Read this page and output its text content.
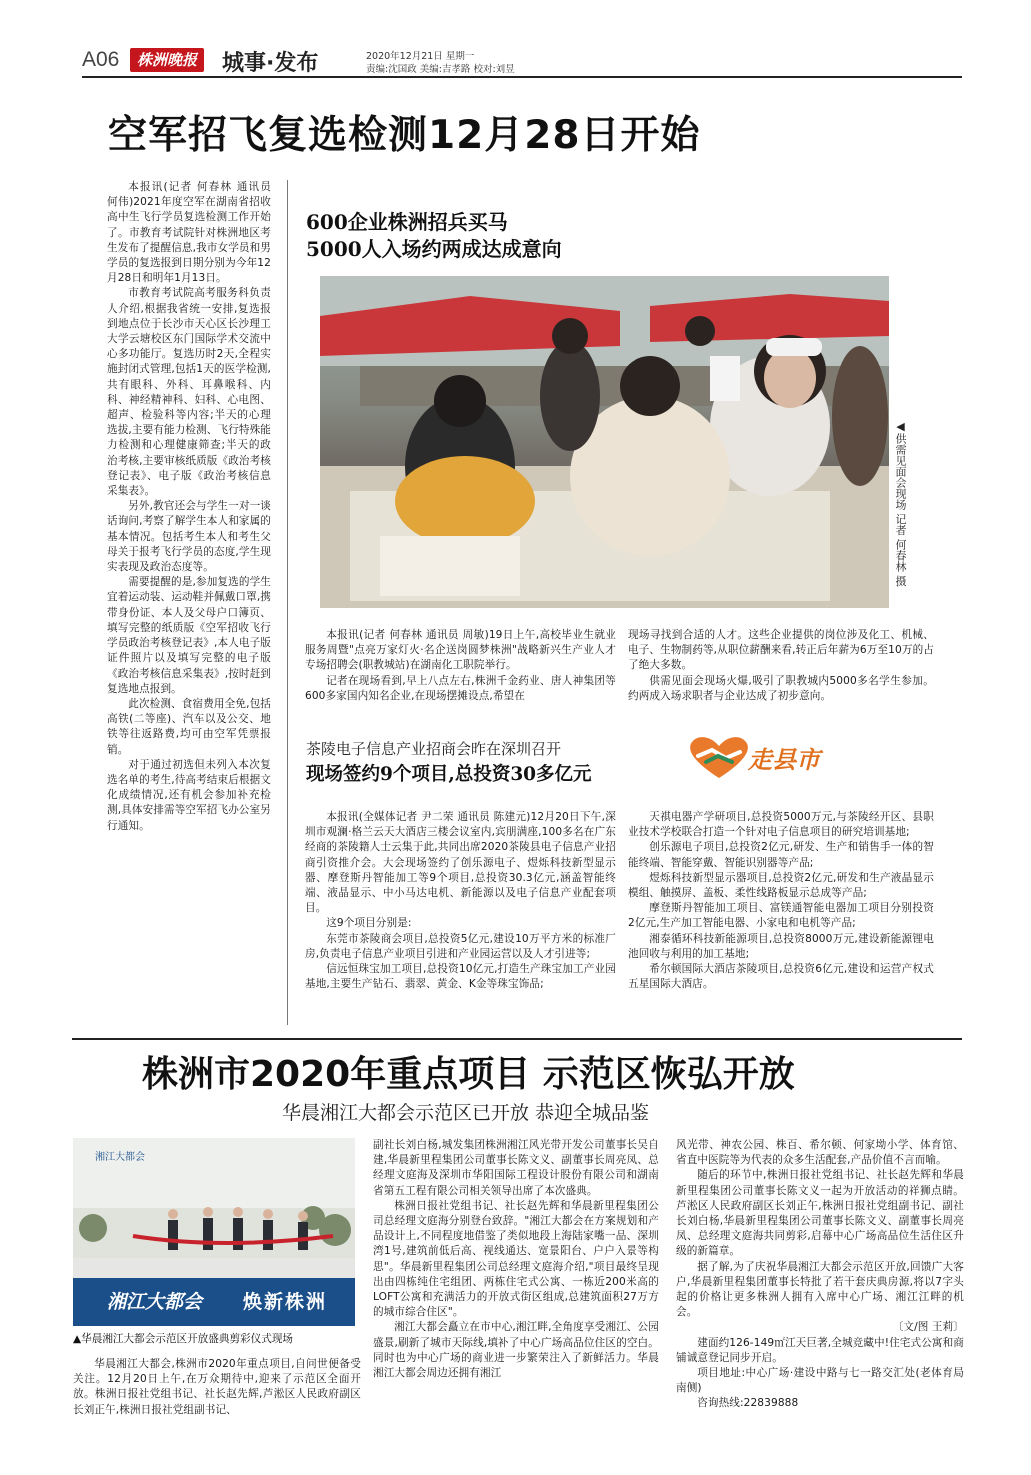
A06	株洲晚报	城事·发布	2020年12月21日 星期一
责编:沈国政 美编:吉孝路 校对:刘昱
空军招飞复选检测12月28日开始

本报讯(记者 何春林 通讯员 何伟)2021年度空军在湖南省招收高中生飞行学员复选检测工作开始了。市教育考试院针对株洲地区考生发布了提醒信息,我市女学员和男学员的复选报到日期分别为今年12月28日和明年1月13日。

市教育考试院高考服务科负责人介绍,根据我省统一安排,复选报到地点位于长沙市天心区长沙理工大学云塘校区东门国际学术交流中心多功能厅。复选历时2天,全程实施封闭式管理,包括1天的医学检测,共有眼科、外科、耳鼻喉科、内科、神经精神科、妇科、心电图、超声、检验科等内容;半天的心理选拔,主要有能力检测、飞行特殊能力检测和心理健康筛查;半天的政治考核,主要审核纸质版《政治考核登记表》、电子版《政治考核信息采集表》。

另外,教官还会与学生一对一谈话询问,考察了解学生本人和家属的基本情况。包括考生本人和考生父母关于报考飞行学员的态度,学生现实表现及政治态度等。

需要提醒的是,参加复选的学生宜着运动装、运动鞋并佩戴口罩,携带身份证、本人及父母户口簿页、填写完整的纸质版《空军招收飞行学员政治考核登记表》,本人电子版证件照片以及填写完整的电子版《政治考核信息采集表》,按时赶到复选地点报到。

此次检测、食宿费用全免,包括高铁(二等座)、汽车以及公交、地铁等往返路费,均可由空军凭票报销。

对于通过初选但未列入本次复选名单的考生,待高考结束后根据文化成绩情况,还有机会参加补充检测,具体安排需等空军招飞办公室另行通知。

600企业株洲招兵买马
5000人入场约两成达成意向
◀供需见面会现场 记者 何春林 摄

本报讯(记者 何春林 通讯员 周敏)19日上午,高校毕业生就业服务周暨"点亮万家灯火·名企送岗圆梦株洲"战略新兴生产业人才专场招聘会(职教城站)在湖南化工职院举行。

记者在现场看到,早上八点左右,株洲千金药业、唐人神集团等600多家国内知名企业,在现场摆摊设点,希望在

现场寻找到合适的人才。这些企业提供的岗位涉及化工、机械、电子、生物制药等,从职位薪酬来看,转正后年薪为6万至10万的占了绝大多数。

供需见面会现场火爆,吸引了职教城内5000多名学生参加。约两成入场求职者与企业达成了初步意向。

茶陵电子信息产业招商会昨在深圳召开
现场签约9个项目,总投资30多亿元
走县市

本报讯(全媒体记者 尹二荣 通讯员 陈建元)12月20日下午,深圳市观澜·格兰云天大酒店三楼会议室内,宾朋满座,100多名在广东经商的茶陵籍人士云集于此,共同出席2020茶陵县电子信息产业招商引资推介会。大会现场签约了创乐源电子、煜烁科技新型显示器、摩登斯丹智能加工等9个项目,总投资30.3亿元,涵盖智能终端、液晶显示、中小马达电机、新能源以及电子信息产业配套项目。

这9个项目分别是:

东莞市茶陵商会项目,总投资5亿元,建设10万平方米的标准厂房,负责电子信息产业项目引进和产业园运营以及人才引进等;

信远恒珠宝加工项目,总投资10亿元,打造生产珠宝加工产业园基地,主要生产钻石、翡翠、黄金、K金等珠宝饰品;

天祺电器产学研项目,总投资5000万元,与茶陵经开区、县职业技术学校联合打造一个针对电子信息项目的研究培训基地;

创乐源电子项目,总投资2亿元,研发、生产和销售手一体的智能终端、智能穿戴、智能识别器等产品;

煜烁科技新型显示器项目,总投资2亿元,研发和生产液晶显示模组、触摸屏、盖板、柔性线路板显示总成等产品;

摩登斯丹智能加工项目、富镁通智能电器加工项目分别投资2亿元,生产加工智能电器、小家电和电机等产品;

湘泰循环科技新能源项目,总投资8000万元,建设新能源锂电池回收与利用的加工基地;

希尔顿国际大酒店茶陵项目,总投资6亿元,建设和运营产权式五星国际大酒店。

株洲市2020年重点项目 示范区恢弘开放
华晨湘江大都会示范区已开放 恭迎全城品鉴
湘江大都会
湘江大都会 焕新株洲
▲华晨湘江大都会示范区开放盛典剪彩仪式现场

华晨湘江大都会,株洲市2020年重点项目,自问世便备受关注。12月20日上午,在万众期待中,迎来了示范区全面开放。株洲日报社党组书记、社长赵先辉,芦淞区人民政府副区长刘正午,株洲日报社党组副书记、

副社长刘白杨,城发集团株洲湘江风光带开发公司董事长吴自建,华晨新里程集团公司董事长陈文义、副董事长周亮凤、总经理文庭海及深圳市华阳国际工程设计股份有限公司和湖南省第五工程有限公司相关领导出席了本次盛典。

株洲日报社党组书记、社长赵先辉和华晨新里程集团公司总经理文庭海分别登台致辞。"湘江大都会在方案规划和产品设计上,不同程度地借鉴了类似地段上海陆家嘴一品、深圳湾1号,建筑前低后高、视线通达、宽景阳台、户户入景等构思"。华晨新里程集团公司总经理文庭海介绍,"项目最终呈现出由四栋纯住宅组团、两栋住宅式公寓、一栋近200米高的LOFT公寓和充满活力的开放式街区组成,总建筑面积27万方的城市综合住区"。

湘江大都会矗立在市中心,湘江畔,全角度享受湘江、公园盛景,刷新了城市天际线,填补了中心广场高品位住区的空白。同时也为中心广场的商业进一步繁荣注入了新鲜活力。华晨湘江大都会周边还拥有湘江

风光带、神农公园、株百、希尔顿、何家坳小学、体育馆、省直中医院等为代表的众多生活配套,产品价值不言而喻。

随后的环节中,株洲日报社党组书记、社长赵先辉和华晨新里程集团公司董事长陈文义一起为开放活动的祥狮点睛。芦淞区人民政府副区长刘正午,株洲日报社党组副书记、副社长刘白杨,华晨新里程集团公司董事长陈文义、副董事长周亮凤、总经理文庭海共同剪彩,启幕中心广场高品位生活住区升级的新篇章。

据了解,为了庆祝华晨湘江大都会示范区开放,回馈广大客户,华晨新里程集团董事长特批了若干套庆典房源,将以7字头起的价格让更多株洲人拥有入席中心广场、湘江江畔的机会。

〔文/图 王莉〕

建面约126-149㎡江天巨著,全城竞藏中!住宅式公寓和商铺诚意登记同步开启。

项目地址:中心广场·建设中路与七一路交汇处(老体育局南侧)

咨询热线:22839888
